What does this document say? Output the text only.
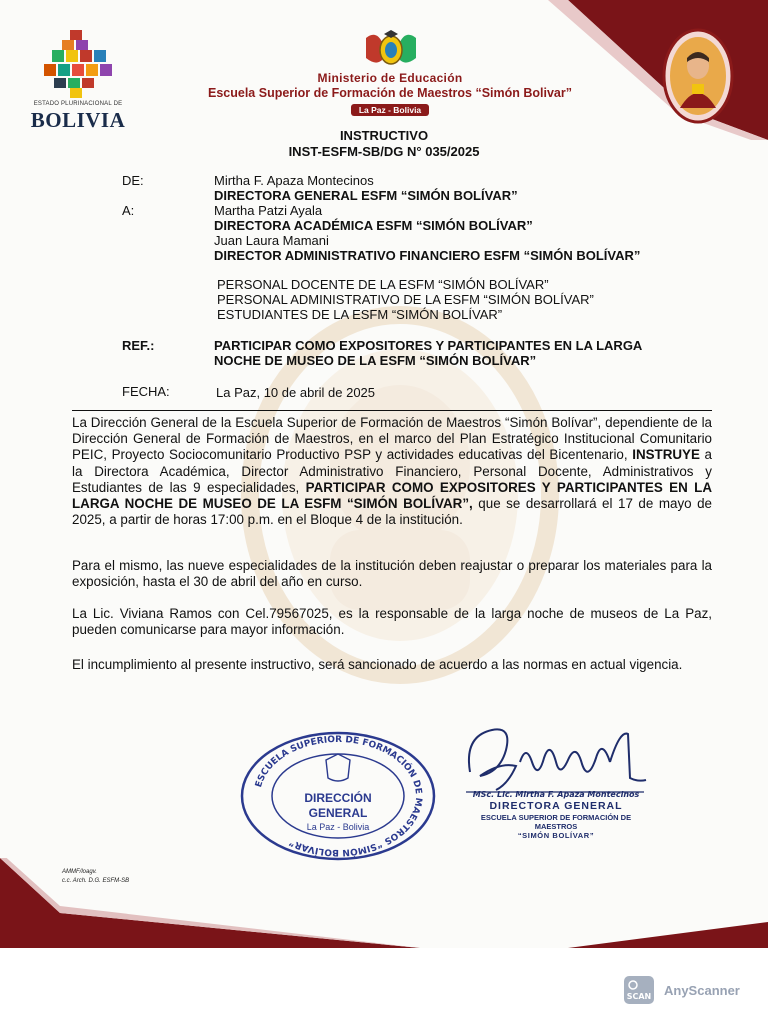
ESTADO PLURINACIONAL DE
BOLIVIA
Ministerio de Educación
Escuela Superior de Formación de Maestros “Simón Bolivar”
La Paz - Bolivia
INSTRUCTIVO
INST-ESFM-SB/DG N° 035/2025
DE:	Mirtha F. Apaza Montecinos
DIRECTORA GENERAL ESFM “SIMÓN BOLÍVAR”
A:	Martha Patzi Ayala
DIRECTORA ACADÉMICA ESFM “SIMÓN BOLÍVAR”
Juan Laura Mamani
DIRECTOR ADMINISTRATIVO FINANCIERO ESFM “SIMÓN BOLÍVAR”
PERSONAL DOCENTE DE LA ESFM “SIMÓN BOLÍVAR”
PERSONAL ADMINISTRATIVO DE LA ESFM “SIMÓN BOLÍVAR”
ESTUDIANTES DE LA ESFM “SIMÓN BOLÍVAR”
REF.:	PARTICIPAR COMO EXPOSITORES Y PARTICIPANTES EN LA LARGA
NOCHE DE MUSEO DE LA ESFM “SIMÓN BOLÍVAR”
FECHA:	La Paz, 10 de abril de 2025
La Dirección General de la Escuela Superior de Formación de Maestros “Simón Bolívar”, dependiente de la Dirección General de Formación de Maestros, en el marco del Plan Estratégico Institucional Comunitario PEIC, Proyecto Sociocomunitario Productivo PSP y actividades educativas del Bicentenario, INSTRUYE a la Directora Académica, Director Administrativo Financiero, Personal Docente, Administrativos y Estudiantes de las 9 especialidades, PARTICIPAR COMO EXPOSITORES Y PARTICIPANTES EN LA LARGA NOCHE DE MUSEO DE LA ESFM “SIMÓN BOLÍVAR”, que se desarrollará el 17 de mayo de 2025, a partir de horas 17:00 p.m. en el Bloque 4 de la institución.
Para el mismo, las nueve especialidades de la institución deben reajustar o preparar los materiales para la exposición, hasta el 30 de abril del año en curso.
La Lic. Viviana Ramos con Cel.79567025, es la responsable de la larga noche de museos de La Paz, pueden comunicarse para mayor información.
El incumplimiento al presente instructivo, será sancionado de acuerdo a las normas en actual vigencia.
ESCUELA SUPERIOR DE FORMACIÓN DE MAESTROS “SIMÓN BOLÍVAR”
DIRECCIÓN
GENERAL
La Paz - Bolivia
MSc. Lic. Mirtha F. Apaza Montecinos
DIRECTORA GENERAL
ESCUELA SUPERIOR DE FORMACIÓN DE MAESTROS
“SIMÓN BOLÍVAR”
AMMF/loagv.
c.c. Arch. D.G. ESFM-SB
SCAN AnyScanner
